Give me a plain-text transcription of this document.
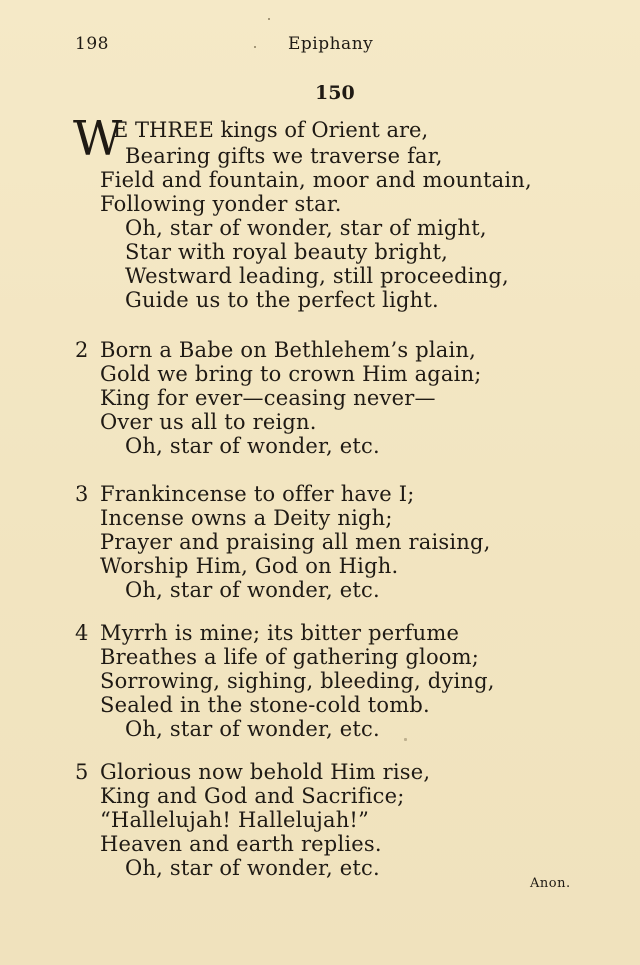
198	Epiphany
150
W
E THREE kings of Orient are,
Bearing gifts we traverse far,
Field and fountain, moor and mountain,
Following yonder star.
Oh, star of wonder, star of might,
Star with royal beauty bright,
Westward leading, still proceeding,
Guide us to the perfect light.
2 Born a Babe on Bethlehem’s plain,
Gold we bring to crown Him again;
King for ever—ceasing never—
Over us all to reign.
Oh, star of wonder, etc.
3 Frankincense to offer have I;
Incense owns a Deity nigh;
Prayer and praising all men raising,
Worship Him, God on High.
Oh, star of wonder, etc.
4 Myrrh is mine; its bitter perfume
Breathes a life of gathering gloom;
Sorrowing, sighing, bleeding, dying,
Sealed in the stone-cold tomb.
Oh, star of wonder, etc.
5 Glorious now behold Him rise,
King and God and Sacrifice;
“Hallelujah! Hallelujah!”
Heaven and earth replies.
Oh, star of wonder, etc.
Anon.
